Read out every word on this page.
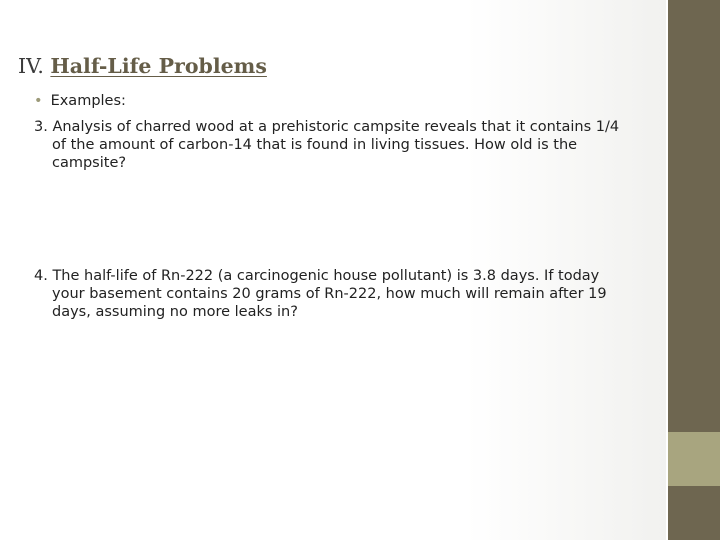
IV. Half-Life Problems
• Examples:
3. Analysis of charred wood at a prehistoric campsite reveals that it contains 1/4 of the amount of carbon-14 that is found in living tissues. How old is the campsite?
4. The half-life of Rn-222 (a carcinogenic house pollutant) is 3.8 days. If today your basement contains 20 grams of Rn-222, how much will remain after 19 days, assuming no more leaks in?
